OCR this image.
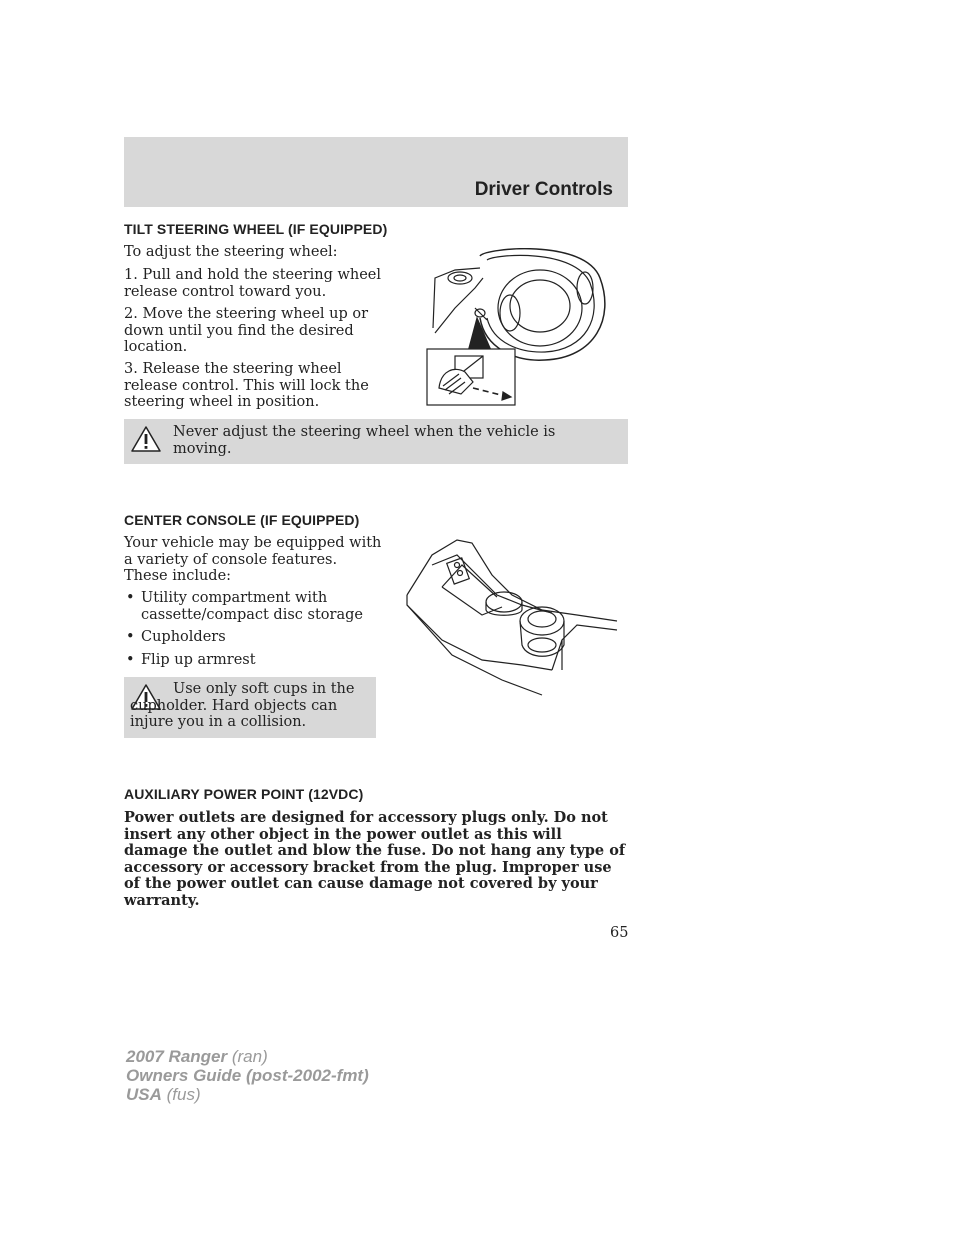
Driver Controls
TILT STEERING WHEEL (IF EQUIPPED)

To adjust the steering wheel:

1. Pull and hold the steering wheel release control toward you.

2. Move the steering wheel up or down until you find the desired location.

3. Release the steering wheel release control. This will lock the steering wheel in position.

Never adjust the steering wheel when the vehicle is moving.
CENTER CONSOLE (IF EQUIPPED)

Your vehicle may be equipped with a variety of console features. These include:

• Utility compartment with cassette/compact disc storage
• Cupholders
• Flip up armrest
Use only soft cups in the cupholder. Hard objects can injure you in a collision.
AUXILIARY POWER POINT (12VDC)

Power outlets are designed for accessory plugs only. Do not insert any other object in the power outlet as this will damage the outlet and blow the fuse. Do not hang any type of accessory or accessory bracket from the plug. Improper use of the power outlet can cause damage not covered by your warranty.

65
2007 Ranger (ran)
Owners Guide (post-2002-fmt)
USA (fus)
